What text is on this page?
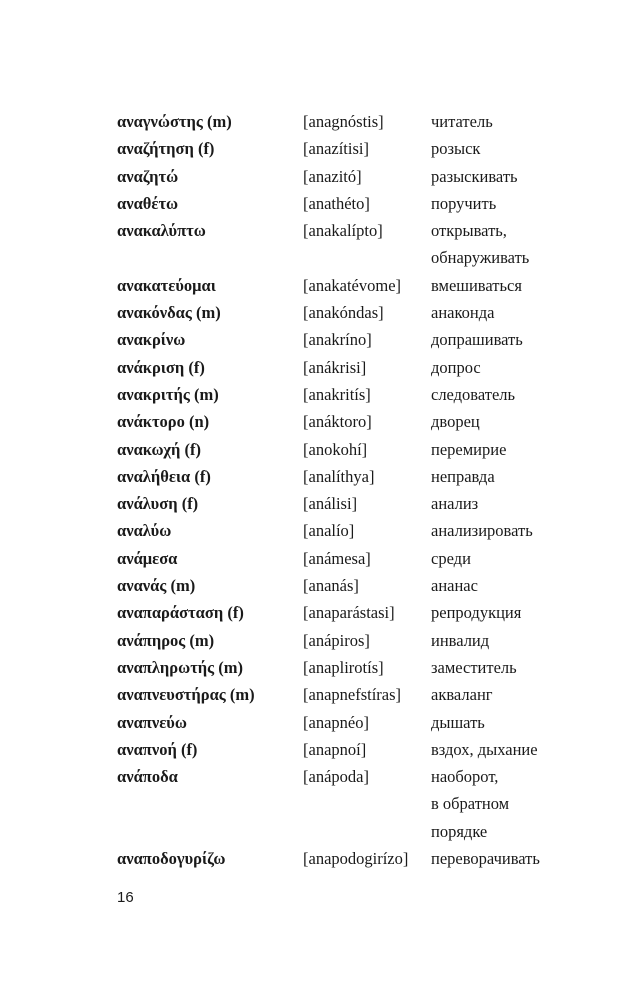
αναγνώστης (m)	[anagnóstis]	читатель
αναζήτηση (f)	[anazítisi]	розыск
αναζητώ	[anazitó]	разыскивать
αναθέτω	[anathéto]	поручить
ανακαλύπτω	[anakalípto]	открывать,
обнаруживать
ανακατεύομαι	[anakatévome]	вмешиваться
ανακόνδας (m)	[anakóndas]	анаконда
ανακρίνω	[anakríno]	допрашивать
ανάκριση (f)	[anákrisi]	допрос
ανακριτής (m)	[anakritís]	следователь
ανάκτορο (n)	[anáktoro]	дворец
ανακωχή (f)	[anokohí]	перемирие
αναλήθεια (f)	[analíthya]	неправда
ανάλυση (f)	[análisi]	анализ
αναλύω	[analío]	анализировать
ανάμεσα	[anámesa]	среди
ανανάς (m)	[ananás]	ананас
αναπαράσταση (f)	[anaparástasi]	репродукция
ανάπηρος (m)	[anápiros]	инвалид
αναπληρωτής (m)	[anaplirotís]	заместитель
αναπνευστήρας (m)	[anapnefstíras]	акваланг
αναπνεύω	[anapnéo]	дышать
αναπνοή (f)	[anapnoí]	вздох, дыхание
ανάποδα	[anápoda]	наоборот,
в обратном
порядке
αναποδογυρίζω	[anapodogirízo]	переворачивать
16
